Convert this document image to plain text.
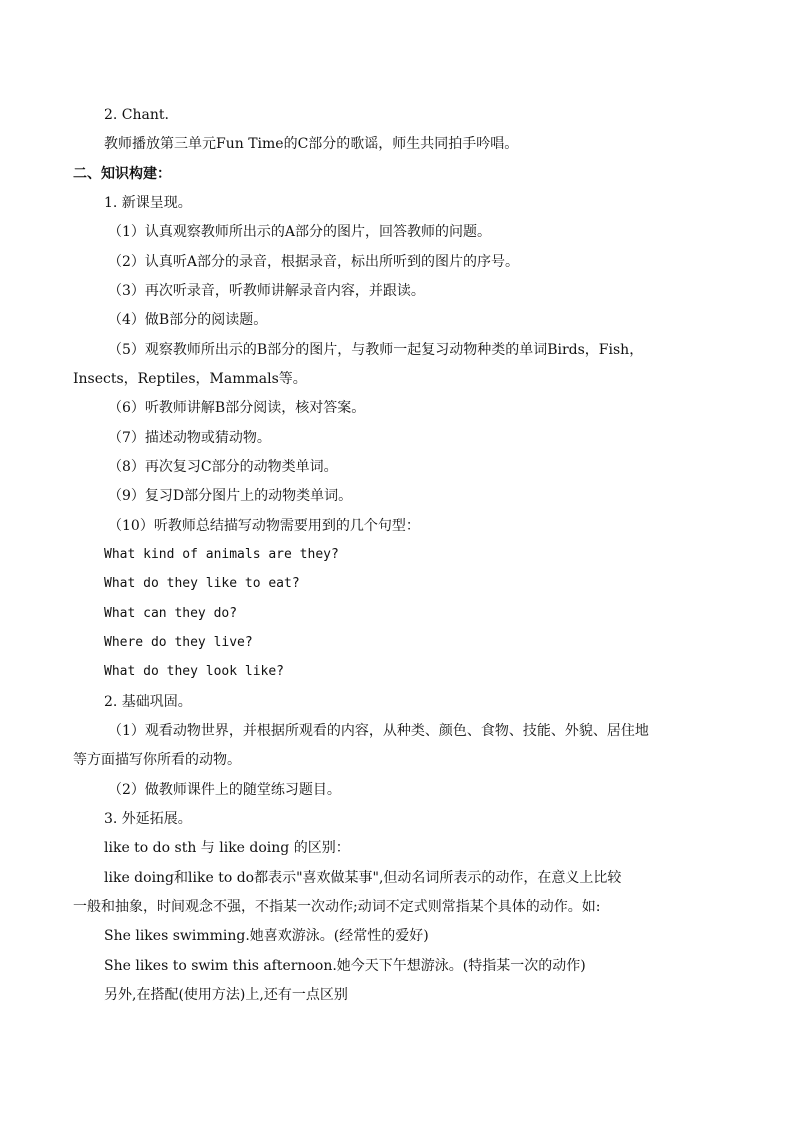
2. Chant.
教师播放第三单元Fun Time的C部分的歌谣，师生共同拍手吟唱。
二、知识构建：
1. 新课呈现。
（1）认真观察教师所出示的A部分的图片，回答教师的问题。
（2）认真听A部分的录音，根据录音，标出所听到的图片的序号。
（3）再次听录音，听教师讲解录音内容，并跟读。
（4）做B部分的阅读题。
（5）观察教师所出示的B部分的图片，与教师一起复习动物种类的单词Birds，Fish，
Insects，Reptiles，Mammals等。
（6）听教师讲解B部分阅读，核对答案。
（7）描述动物或猜动物。
（8）再次复习C部分的动物类单词。
（9）复习D部分图片上的动物类单词。
（10）听教师总结描写动物需要用到的几个句型：
What kind of animals are they?
What do they like to eat?
What can they do?
Where do they live?
What do they look like?
2. 基础巩固。
（1）观看动物世界，并根据所观看的内容，从种类、颜色、食物、技能、外貌、居住地
等方面描写你所看的动物。
（2）做教师课件上的随堂练习题目。
3. 外延拓展。
like to do sth 与 like doing 的区别：
like doing和like to do都表示"喜欢做某事",但动名词所表示的动作，在意义上比较
一般和抽象，时间观念不强，不指某一次动作;动词不定式则常指某个具体的动作。如:
She likes swimming.她喜欢游泳。(经常性的爱好)
She likes to swim this afternoon.她今天下午想游泳。(特指某一次的动作)
另外,在搭配(使用方法)上,还有一点区别
